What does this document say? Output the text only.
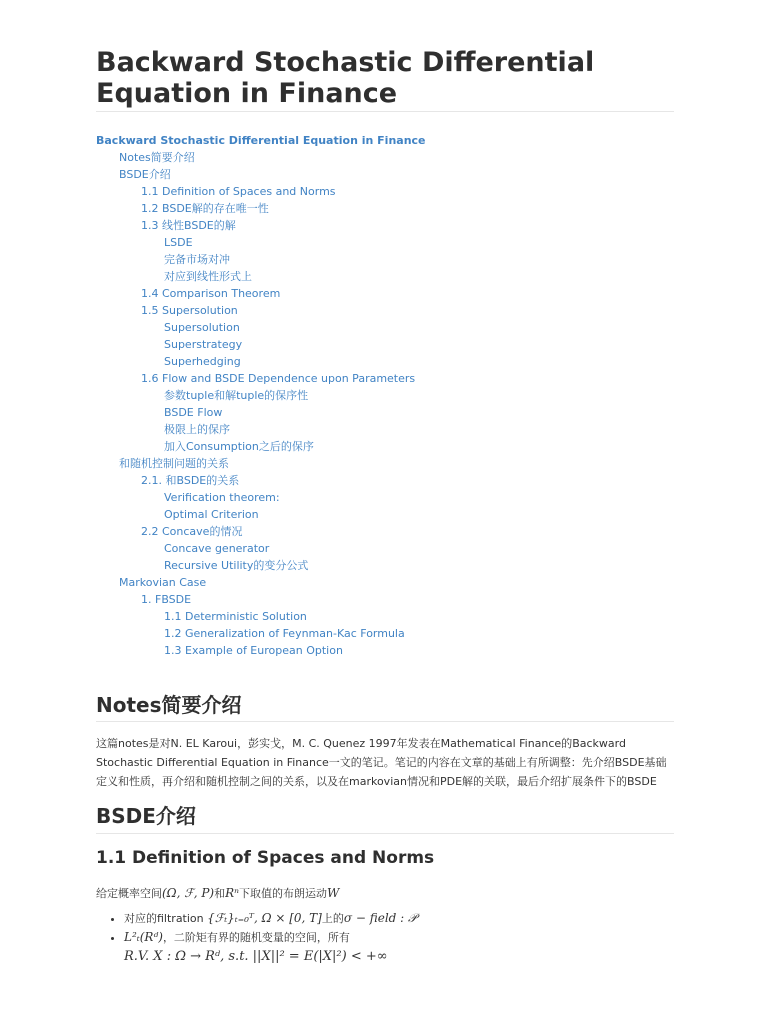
Backward Stochastic Differential Equation in Finance
Backward Stochastic Differential Equation in Finance
Notes简要介绍
BSDE介绍
1.1 Definition of Spaces and Norms
1.2 BSDE解的存在唯一性
1.3 线性BSDE的解
LSDE
完备市场对冲
对应到线性形式上
1.4 Comparison Theorem
1.5 Supersolution
Supersolution
Superstrategy
Superhedging
1.6 Flow and BSDE Dependence upon Parameters
参数tuple和解tuple的保序性
BSDE Flow
极限上的保序
加入Consumption之后的保序
和随机控制问题的关系
2.1. 和BSDE的关系
Verification theorem:
Optimal Criterion
2.2 Concave的情况
Concave generator
Recursive Utility的变分公式
Markovian Case
1. FBSDE
1.1 Deterministic Solution
1.2 Generalization of Feynman-Kac Formula
1.3 Example of European Option
Notes简要介绍

这篇notes是对N. EL Karoui，彭实戈，M. C. Quenez 1997年发表在Mathematical Finance的Backward Stochastic Differential Equation in Finance一文的笔记。笔记的内容在文章的基础上有所调整：先介绍BSDE基础定义和性质，再介绍和随机控制之间的关系，以及在markovian情况和PDE解的关联，最后介绍扩展条件下的BSDE

BSDE介绍
1.1 Definition of Spaces and Norms

给定概率空间(Ω, ℱ, P)和Rⁿ下取值的布朗运动W

• 对应的filtration {ℱₜ}ₜ₌₀ᵀ, Ω × [0, T]上的σ − field : 𝒫
• L²ₜ(Rᵈ)，二阶矩有界的随机变量的空间，所有
R.V. X : Ω → Rᵈ, s.t. ||X||² = E(|X|²) < +∞
